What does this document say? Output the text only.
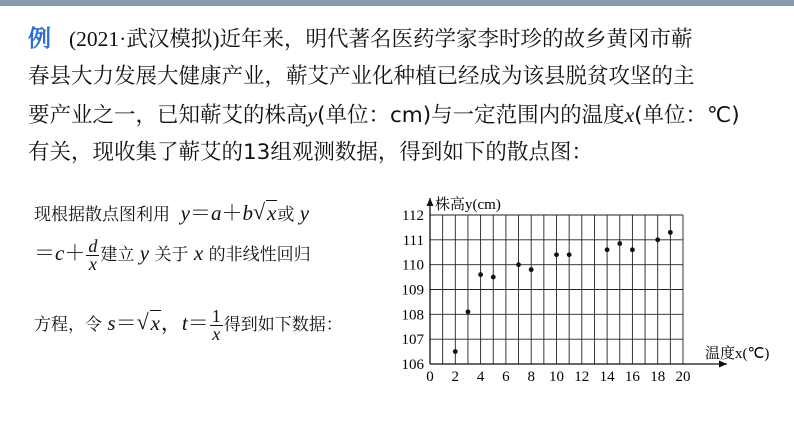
例 (2021·武汉模拟)近年来，明代著名医药学家李时珍的故乡黄冈市蕲
春县大力发展大健康产业，蕲艾产业化种植已经成为该县脱贫攻坚的主
要产业之一，已知蕲艾的株高y(单位：cm)与一定范围内的温度x(单位：℃)
有关，现收集了蕲艾的13组观测数据，得到如下的散点图：
现根据散点图利用 y＝a＋b √ x或 y
$=c+ \frac{d}{x}$ 建立 y 关于 x 的非线性回归
方程，令 s＝ √ x，$t= \frac{1}{x}$ 得到如下数据：
0 2 4 6 8 10 12 14 16 18 20
106
107
108
109
110
111
112
株高y(cm)
温度x(℃)
